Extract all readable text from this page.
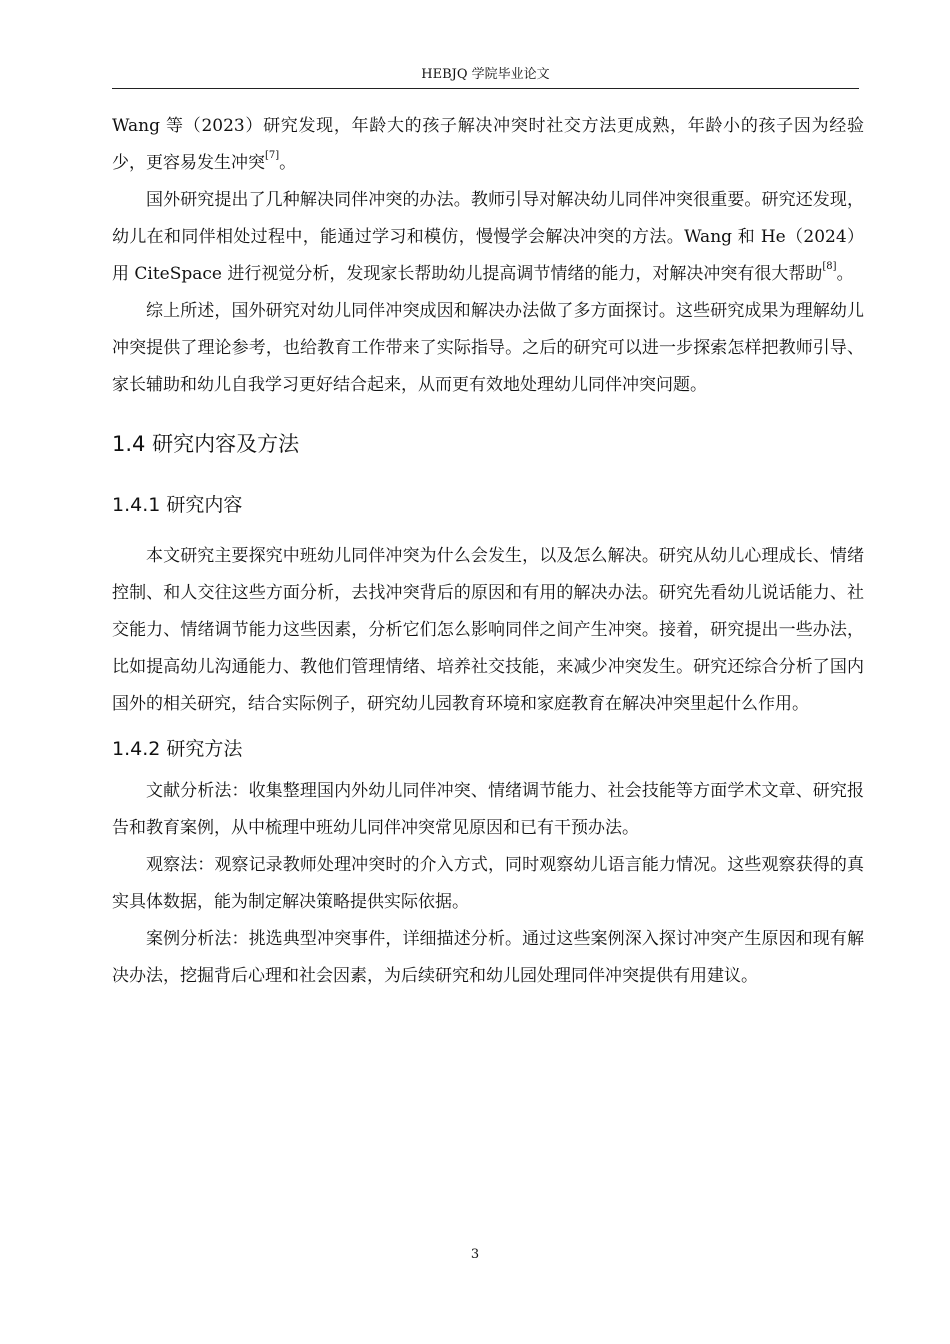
HEBJQ 学院毕业论文

Wang 等（2023）研究发现，年龄大的孩子解决冲突时社交方法更成熟，年龄小的孩子因为经验少，更容易发生冲突[7]。

国外研究提出了几种解决同伴冲突的办法。教师引导对解决幼儿同伴冲突很重要。研究还发现，幼儿在和同伴相处过程中，能通过学习和模仿，慢慢学会解决冲突的方法。Wang 和 He（2024）用 CiteSpace 进行视觉分析，发现家长帮助幼儿提高调节情绪的能力，对解决冲突有很大帮助[8]。

综上所述，国外研究对幼儿同伴冲突成因和解决办法做了多方面探讨。这些研究成果为理解幼儿冲突提供了理论参考，也给教育工作带来了实际指导。之后的研究可以进一步探索怎样把教师引导、家长辅助和幼儿自我学习更好结合起来，从而更有效地处理幼儿同伴冲突问题。

1.4 研究内容及方法
1.4.1 研究内容

本文研究主要探究中班幼儿同伴冲突为什么会发生，以及怎么解决。研究从幼儿心理成长、情绪控制、和人交往这些方面分析，去找冲突背后的原因和有用的解决办法。研究先看幼儿说话能力、社交能力、情绪调节能力这些因素，分析它们怎么影响同伴之间产生冲突。接着，研究提出一些办法，比如提高幼儿沟通能力、教他们管理情绪、培养社交技能，来减少冲突发生。研究还综合分析了国内国外的相关研究，结合实际例子，研究幼儿园教育环境和家庭教育在解决冲突里起什么作用。

1.4.2 研究方法

文献分析法：收集整理国内外幼儿同伴冲突、情绪调节能力、社会技能等方面学术文章、研究报告和教育案例，从中梳理中班幼儿同伴冲突常见原因和已有干预办法。

观察法：观察记录教师处理冲突时的介入方式，同时观察幼儿语言能力情况。这些观察获得的真实具体数据，能为制定解决策略提供实际依据。

案例分析法：挑选典型冲突事件，详细描述分析。通过这些案例深入探讨冲突产生原因和现有解决办法，挖掘背后心理和社会因素，为后续研究和幼儿园处理同伴冲突提供有用建议。

3
